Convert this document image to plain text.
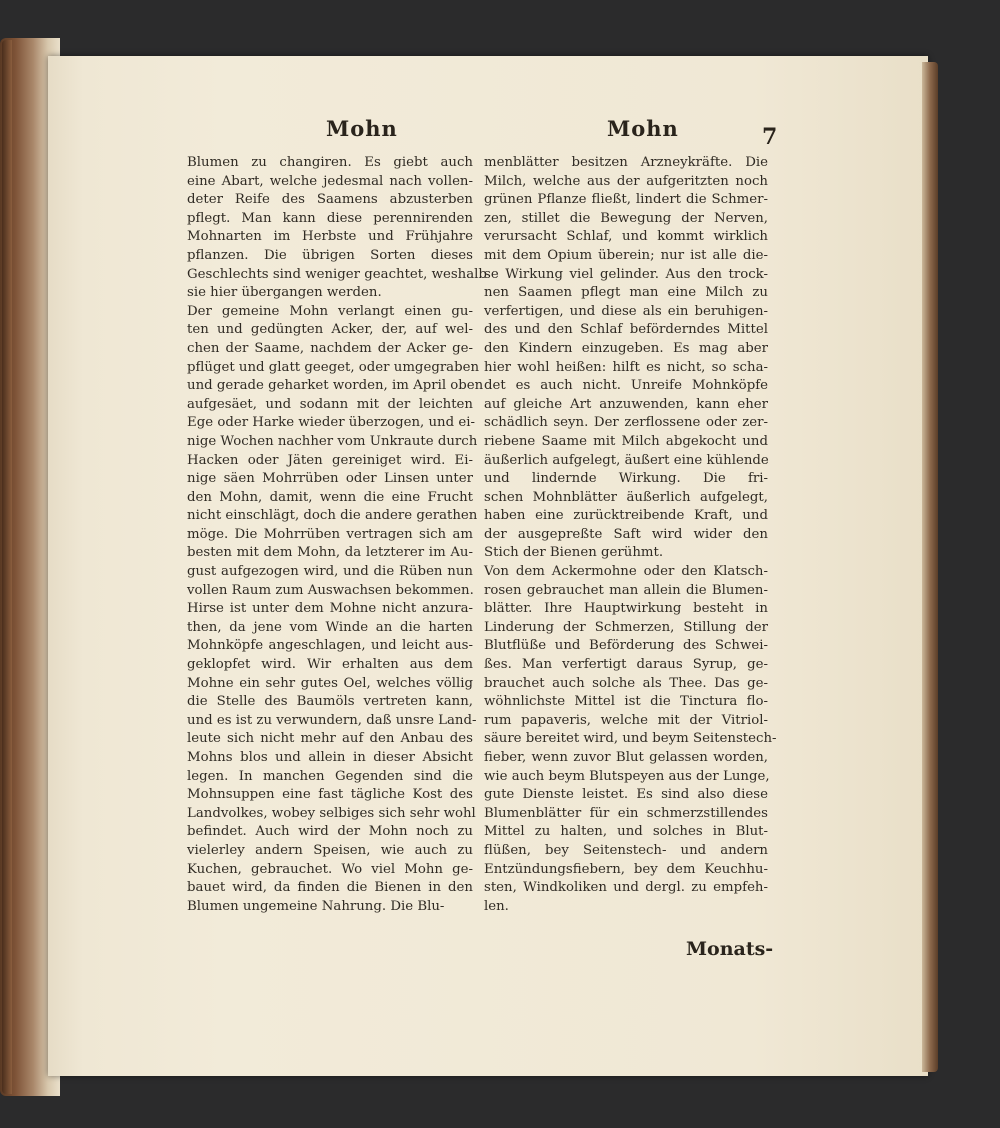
Mohn	Mohn	7
Blumen zu changiren. Es giebt auch
eine Abart, welche jedesmal nach vollen-
deter Reife des Saamens abzusterben
pflegt. Man kann diese perennirenden
Mohnarten im Herbste und Frühjahre
pflanzen. Die übrigen Sorten dieses
Geschlechts sind weniger geachtet, weshalb
sie hier übergangen werden.
Der gemeine Mohn verlangt einen gu-
ten und gedüngten Acker, der, auf wel-
chen der Saame, nachdem der Acker ge-
pflüget und glatt geeget, oder umgegraben
und gerade geharket worden, im April oben
aufgesäet, und sodann mit der leichten
Ege oder Harke wieder überzogen, und ei-
nige Wochen nachher vom Unkraute durch
Hacken oder Jäten gereiniget wird. Ei-
nige säen Mohrrüben oder Linsen unter
den Mohn, damit, wenn die eine Frucht
nicht einschlägt, doch die andere gerathen
möge. Die Mohrrüben vertragen sich am
besten mit dem Mohn, da letzterer im Au-
gust aufgezogen wird, und die Rüben nun
vollen Raum zum Auswachsen bekommen.
Hirse ist unter dem Mohne nicht anzura-
then, da jene vom Winde an die harten
Mohnköpfe angeschlagen, und leicht aus-
geklopfet wird. Wir erhalten aus dem
Mohne ein sehr gutes Oel, welches völlig
die Stelle des Baumöls vertreten kann,
und es ist zu verwundern, daß unsre Land-
leute sich nicht mehr auf den Anbau des
Mohns blos und allein in dieser Absicht
legen. In manchen Gegenden sind die
Mohnsuppen eine fast tägliche Kost des
Landvolkes, wobey selbiges sich sehr wohl
befindet. Auch wird der Mohn noch zu
vielerley andern Speisen, wie auch zu
Kuchen, gebrauchet. Wo viel Mohn ge-
bauet wird, da finden die Bienen in den
Blumen ungemeine Nahrung. Die Blu-
menblätter besitzen Arzneykräfte. Die
Milch, welche aus der aufgeritzten noch
grünen Pflanze fließt, lindert die Schmer-
zen, stillet die Bewegung der Nerven,
verursacht Schlaf, und kommt wirklich
mit dem Opium überein; nur ist alle die-
se Wirkung viel gelinder. Aus den trock-
nen Saamen pflegt man eine Milch zu
verfertigen, und diese als ein beruhigen-
des und den Schlaf beförderndes Mittel
den Kindern einzugeben. Es mag aber
hier wohl heißen: hilft es nicht, so scha-
det es auch nicht. Unreife Mohnköpfe
auf gleiche Art anzuwenden, kann eher
schädlich seyn. Der zerflossene oder zer-
riebene Saame mit Milch abgekocht und
äußerlich aufgelegt, äußert eine kühlende
und lindernde Wirkung. Die fri-
schen Mohnblätter äußerlich aufgelegt,
haben eine zurücktreibende Kraft, und
der ausgepreßte Saft wird wider den
Stich der Bienen gerühmt.
Von dem Ackermohne oder den Klatsch-
rosen gebrauchet man allein die Blumen-
blätter. Ihre Hauptwirkung besteht in
Linderung der Schmerzen, Stillung der
Blutflüße und Beförderung des Schwei-
ßes. Man verfertigt daraus Syrup, ge-
brauchet auch solche als Thee. Das ge-
wöhnlichste Mittel ist die Tinctura flo-
rum papaveris, welche mit der Vitriol-
säure bereitet wird, und beym Seitenstech-
fieber, wenn zuvor Blut gelassen worden,
wie auch beym Blutspeyen aus der Lunge,
gute Dienste leistet. Es sind also diese
Blumenblätter für ein schmerzstillendes
Mittel zu halten, und solches in Blut-
flüßen, bey Seitenstech- und andern
Entzündungsfiebern, bey dem Keuchhu-
sten, Windkoliken und dergl. zu empfeh-
len.
Monats-
